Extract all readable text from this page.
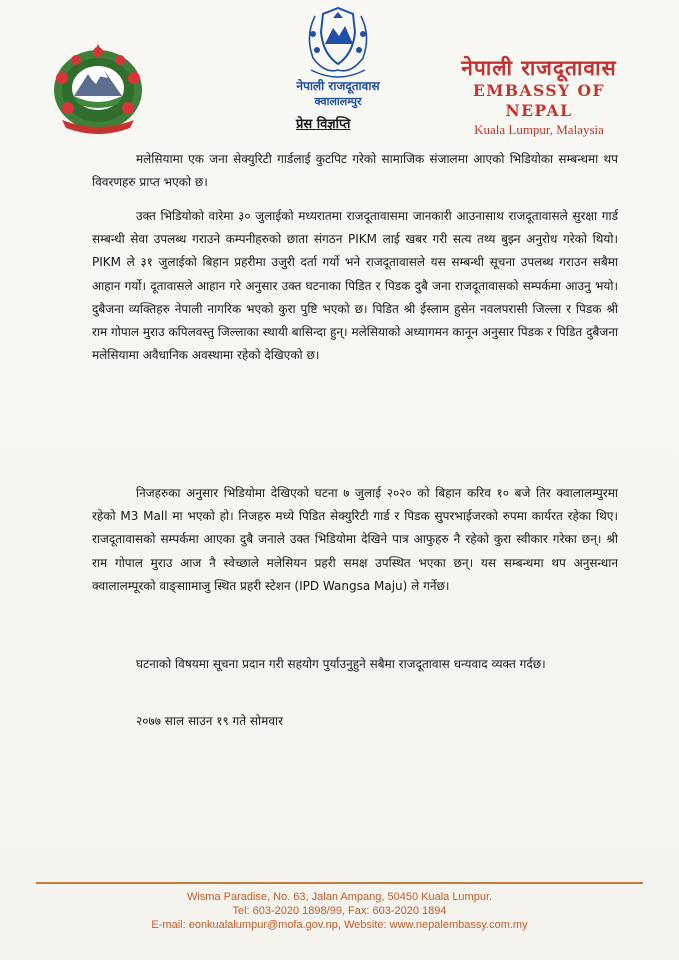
नेपाली राजदूतावास
क्वालालम्पुर
नेपाली राजदूतावास
EMBASSY OF NEPAL
Kuala Lumpur, Malaysia
प्रेस विज्ञप्ति
मलेसियामा एक जना सेक्युरिटी गार्डलाई कुटपिट गरेको सामाजिक संजालमा आएको भिडियोका सम्बन्धमा थप विवरणहरु प्राप्त भएको छ।
उक्त भिडियोको वारेमा ३० जुलाईको मध्यरातमा राजदूतावासमा जानकारी आउनासाथ राजदूतावासले सुरक्षा गार्ड सम्बन्धी सेवा उपलब्ध गराउने कम्पनीहरुको छाता संगठन PIKM लाई खबर गरी सत्य तथ्य बुझ्न अनुरोध गरेको थियो। PIKM ले ३१ जुलाईको बिहान प्रहरीमा उजुरी दर्ता गर्यो भने राजदूतावासले यस सम्बन्धी सूचना उपलब्ध गराउन सबैमा आहान गर्यो। दूतावासले आहान गरे अनुसार उक्त घटनाका पिडित र पिडक दुबै जना राजदूतावासको सम्पर्कमा आउनु भयो। दुबैजना व्यक्तिहरु नेपाली नागरिक भएको कुरा पुष्टि भएको छ। पिडित श्री ईस्लाम हुसेन नवलपरासी जिल्ला र पिडक श्री राम गोपाल मुराउ कपिलवस्तु जिल्लाका स्थायी बासिन्दा हुन्। मलेसियाको अध्यागमन कानून अनुसार पिडक र पिडित दुबैजना मलेसियामा अवैधानिक अवस्थामा रहेको देखिएको छ।
निजहरुका अनुसार भिडियोमा देखिएको घटना ७ जुलाई २०२० को बिहान करिव १० बजे तिर क्वालालम्पुरमा रहेको M3 Mall मा भएको हो। निजहरु मध्ये पिडित सेक्युरिटी गार्ड र पिडक सुपरभाईजरको रुपमा कार्यरत रहेका थिए। राजदूतावासको सम्पर्कमा आएका दुबै जनाले उक्त भिडियोमा देखिने पात्र आफुहरु नै रहेको कुरा स्वीकार गरेका छन्। श्री राम गोपाल मुराउ आज नै स्वेच्छाले मलेसियन प्रहरी समक्ष उपस्थित भएका छन्। यस सम्बन्धमा थप अनुसन्धान क्वालालम्पूरको वाङ्साामाजु स्थित प्रहरी स्टेशन (IPD Wangsa Maju) ले गर्नेछ।
घटनाको विषयमा सूचना प्रदान गरी सहयोग पुर्याउनुहुने सबैमा राजदूतावास धन्यवाद व्यक्त गर्दछ।
२०७७ साल साउन १९ गते सोमवार
Wisma Paradise, No. 63, Jalan Ampang, 50450 Kuala Lumpur.
Tel: 603-2020 1898/99, Fax: 603-2020 1894
E-mail: eonkualalumpur@mofa.gov.np, Website: www.nepalembassy.com.my
